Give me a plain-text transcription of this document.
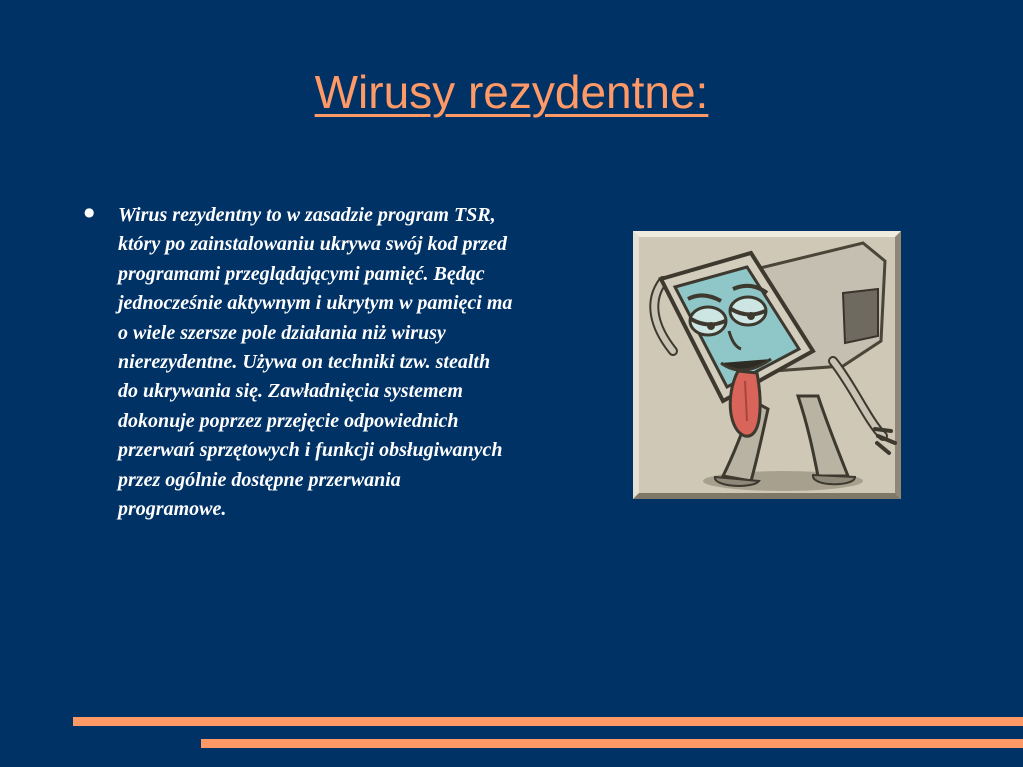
Wirusy rezydentne:
● Wirus rezydentny to w zasadzie program TSR, który po zainstalowaniu ukrywa swój kod przed programami przeglądającymi pamięć. Będąc jednocześnie aktywnym i ukrytym w pamięci ma o wiele szersze pole działania niż wirusy nierezydentne. Używa on techniki tzw. stealth do ukrywania się. Zawładnięcia systemem dokonuje poprzez przejęcie odpowiednich przerwań sprzętowych i funkcji obsługiwanych przez ogólnie dostępne przerwania programowe.
